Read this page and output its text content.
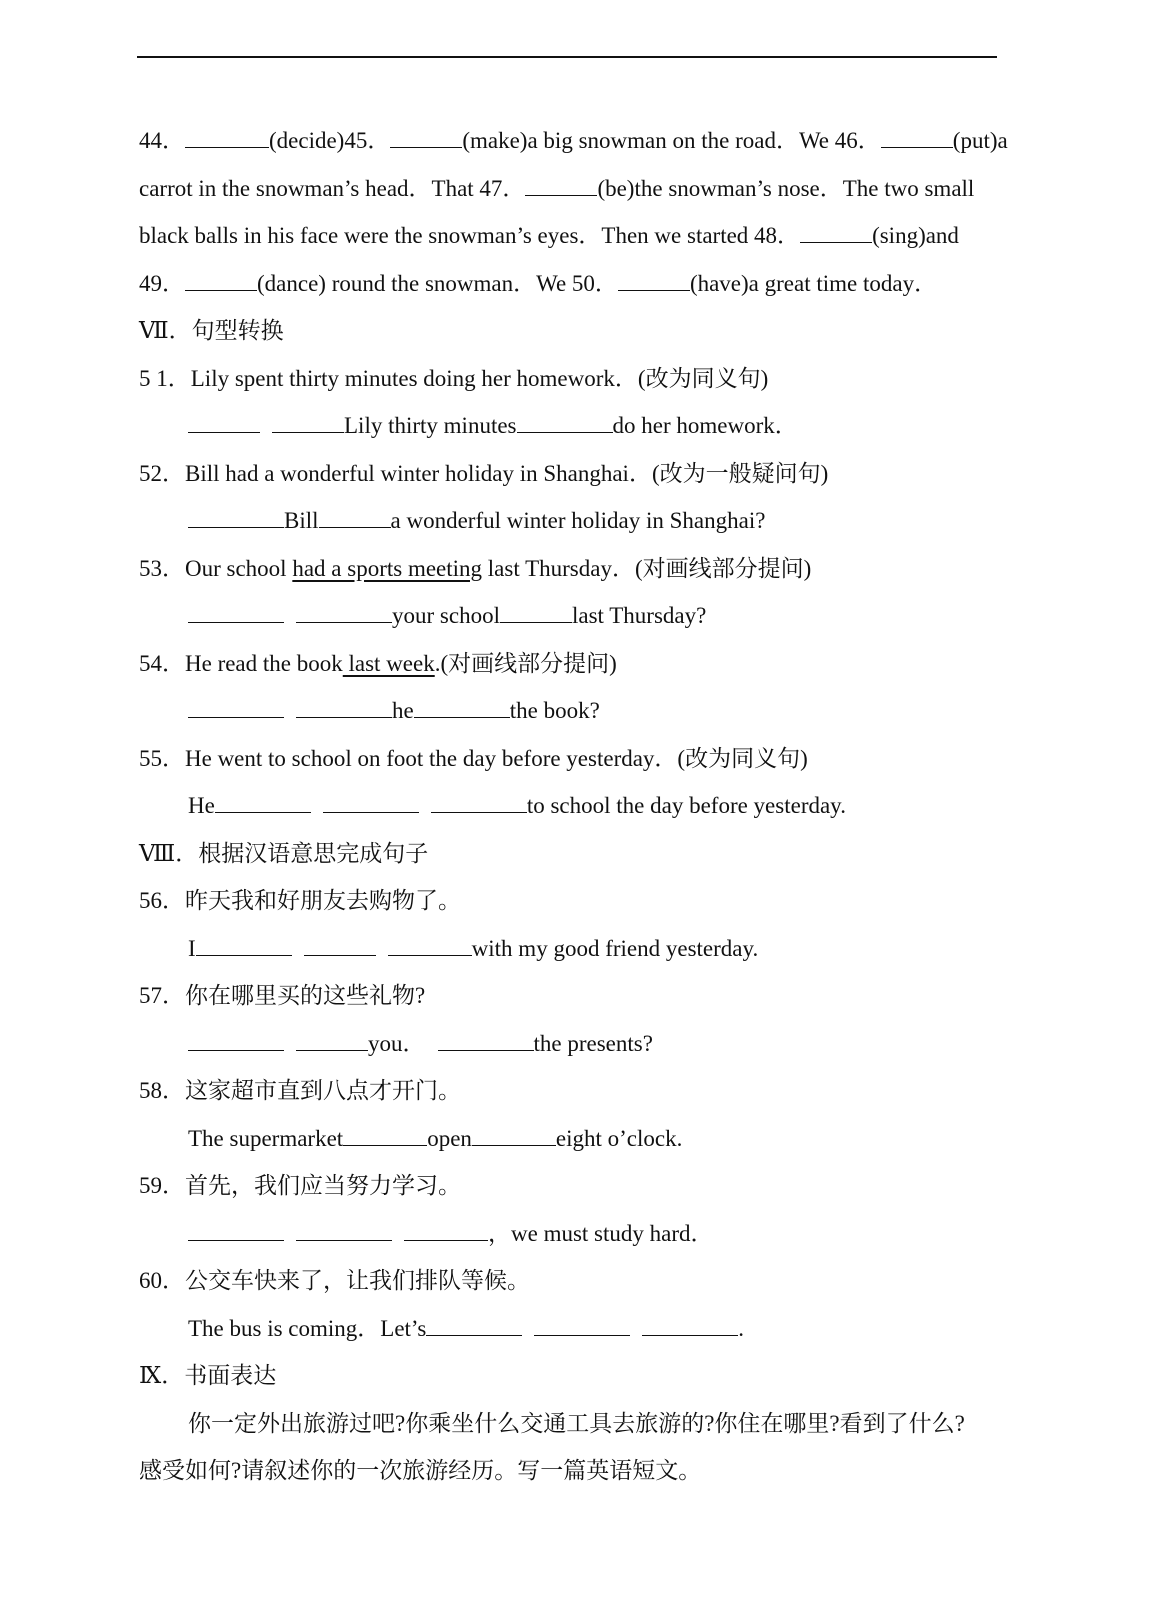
44．	(decide)45．	(make)a big snowman on the road．We 46．	(put)a
carrot in the snowman’s head．That 47．	(be)the snowman’s nose．The two small
black balls in his face were the snowman’s eyes．Then we started 48．	(sing)and
49．	(dance) round the snowman．We 50．	(have)a great time today．
Ⅶ．句型转换
5 1．Lily spent thirty minutes doing her homework．(改为同义句)
Lily thirty minutes	do her homework．
52．Bill had a wonderful winter holiday in Shanghai．(改为一般疑问句)
Bill	a wonderful winter holiday in Shanghai?
53．Our school had a sports meeting last Thursday．(对画线部分提问)
your school	last Thursday?
54．He read the book last week.(对画线部分提问)
he	the book?
55．He went to school on foot the day before yesterday．(改为同义句)
He	to school the day before yesterday.
Ⅷ．根据汉语意思完成句子
56．昨天我和好朋友去购物了。
I	with my good friend yesterday.
57．你在哪里买的这些礼物?
you．	the presents?
58．这家超市直到八点才开门。
The supermarket	open	eight o’clock.
59．首先，我们应当努力学习。
，we must study hard．
60．公交车快来了，让我们排队等候。
The bus is coming．Let’s	.
Ⅸ．书面表达
你一定外出旅游过吧?你乘坐什么交通工具去旅游的?你住在哪里?看到了什么?
感受如何?请叙述你的一次旅游经历。写一篇英语短文。
